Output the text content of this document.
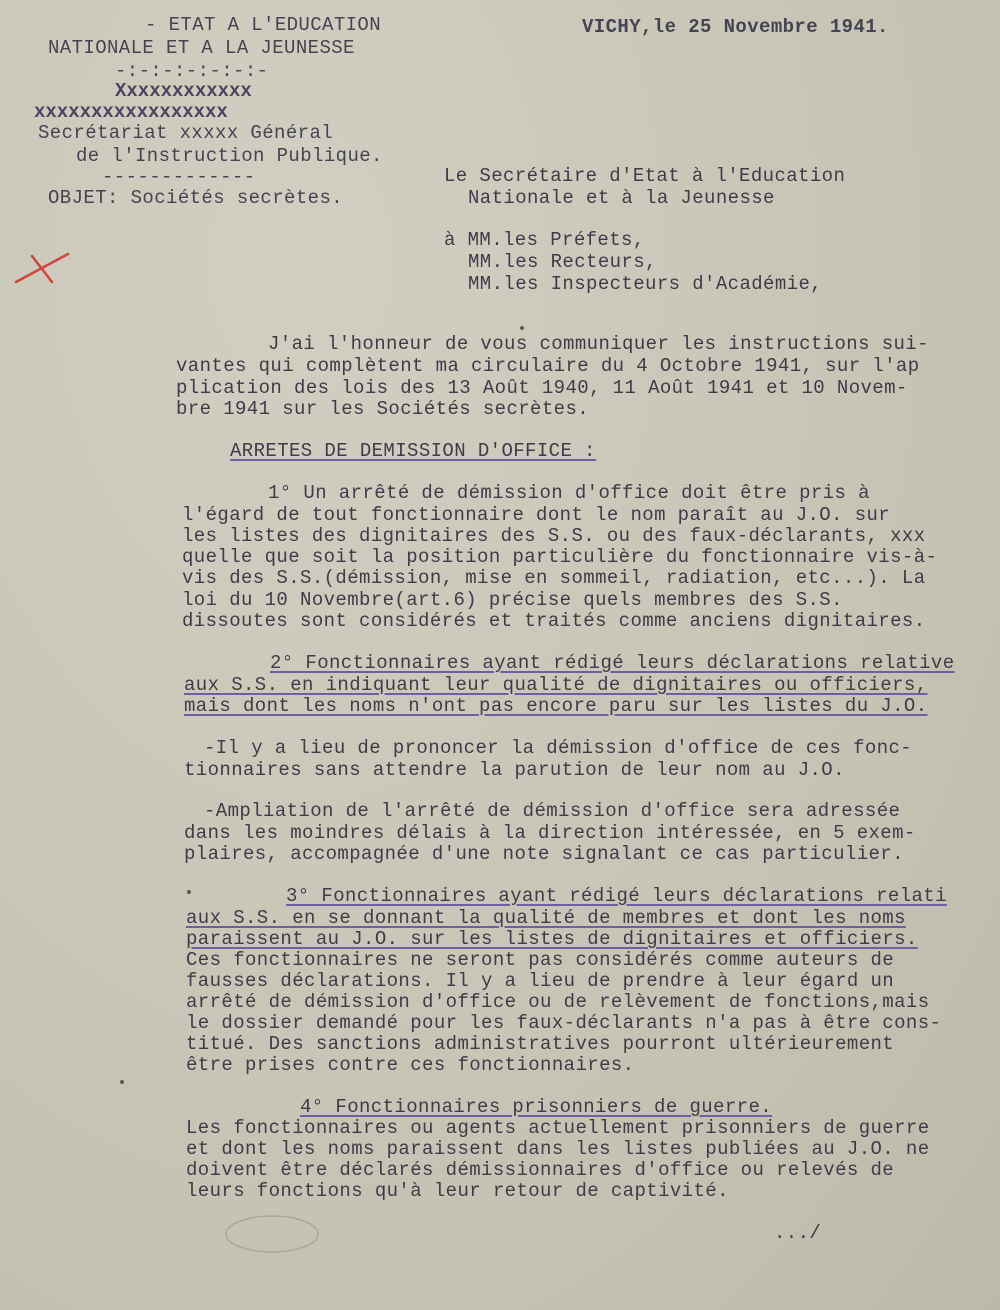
- ETAT A L'EDUCATION
NATIONALE ET A LA JEUNESSE
-:-:-:-:-:-:-
Xxxxxxxxxxxx
xxxxxxxxxxxxxxxxx
Secrétariat xxxxx Général
de l'Instruction Publique.
-------------
OBJET: Sociétés secrètes.
VICHY,le 25 Novembre 1941.
Le Secrétaire d'Etat à l'Education
Nationale et à la Jeunesse
à MM.les Préfets,
MM.les Recteurs,
MM.les Inspecteurs d'Académie,
J'ai l'honneur de vous communiquer les instructions sui-
vantes qui complètent ma circulaire du 4 Octobre 1941, sur l'ap
plication des lois des 13 Août 1940, 11 Août 1941 et 10 Novem-
bre 1941 sur les Sociétés secrètes.
ARRETES DE DEMISSION D'OFFICE :
1° Un arrêté de démission d'office doit être pris à
l'égard de tout fonctionnaire dont le nom paraît au J.O. sur
les listes des dignitaires des S.S. ou des faux-déclarants, xxx
quelle que soit la position particulière du fonctionnaire vis-à-
vis des S.S.(démission, mise en sommeil, radiation, etc...). La
loi du 10 Novembre(art.6) précise quels membres des S.S.
dissoutes sont considérés et traités comme anciens dignitaires.
2° Fonctionnaires ayant rédigé leurs déclarations relative
aux S.S. en indiquant leur qualité de dignitaires ou officiers,
mais dont les noms n'ont pas encore paru sur les listes du J.O.
-Il y a lieu de prononcer la démission d'office de ces fonc-
tionnaires sans attendre la parution de leur nom au J.O.
-Ampliation de l'arrêté de démission d'office sera adressée
dans les moindres délais à la direction intéressée, en 5 exem-
plaires, accompagnée d'une note signalant ce cas particulier.
3° Fonctionnaires ayant rédigé leurs déclarations relati
aux S.S. en se donnant la qualité de membres et dont les noms
paraissent au J.O. sur les listes de dignitaires et officiers.
Ces fonctionnaires ne seront pas considérés comme auteurs de
fausses déclarations. Il y a lieu de prendre à leur égard un
arrêté de démission d'office ou de relèvement de fonctions,mais
le dossier demandé pour les faux-déclarants n'a pas à être cons-
titué. Des sanctions administratives pourront ultérieurement
être prises contre ces fonctionnaires.
4° Fonctionnaires prisonniers de guerre.
Les fonctionnaires ou agents actuellement prisonniers de guerre
et dont les noms paraissent dans les listes publiées au J.O. ne
doivent être déclarés démissionnaires d'office ou relevés de
leurs fonctions qu'à leur retour de captivité.
.../
